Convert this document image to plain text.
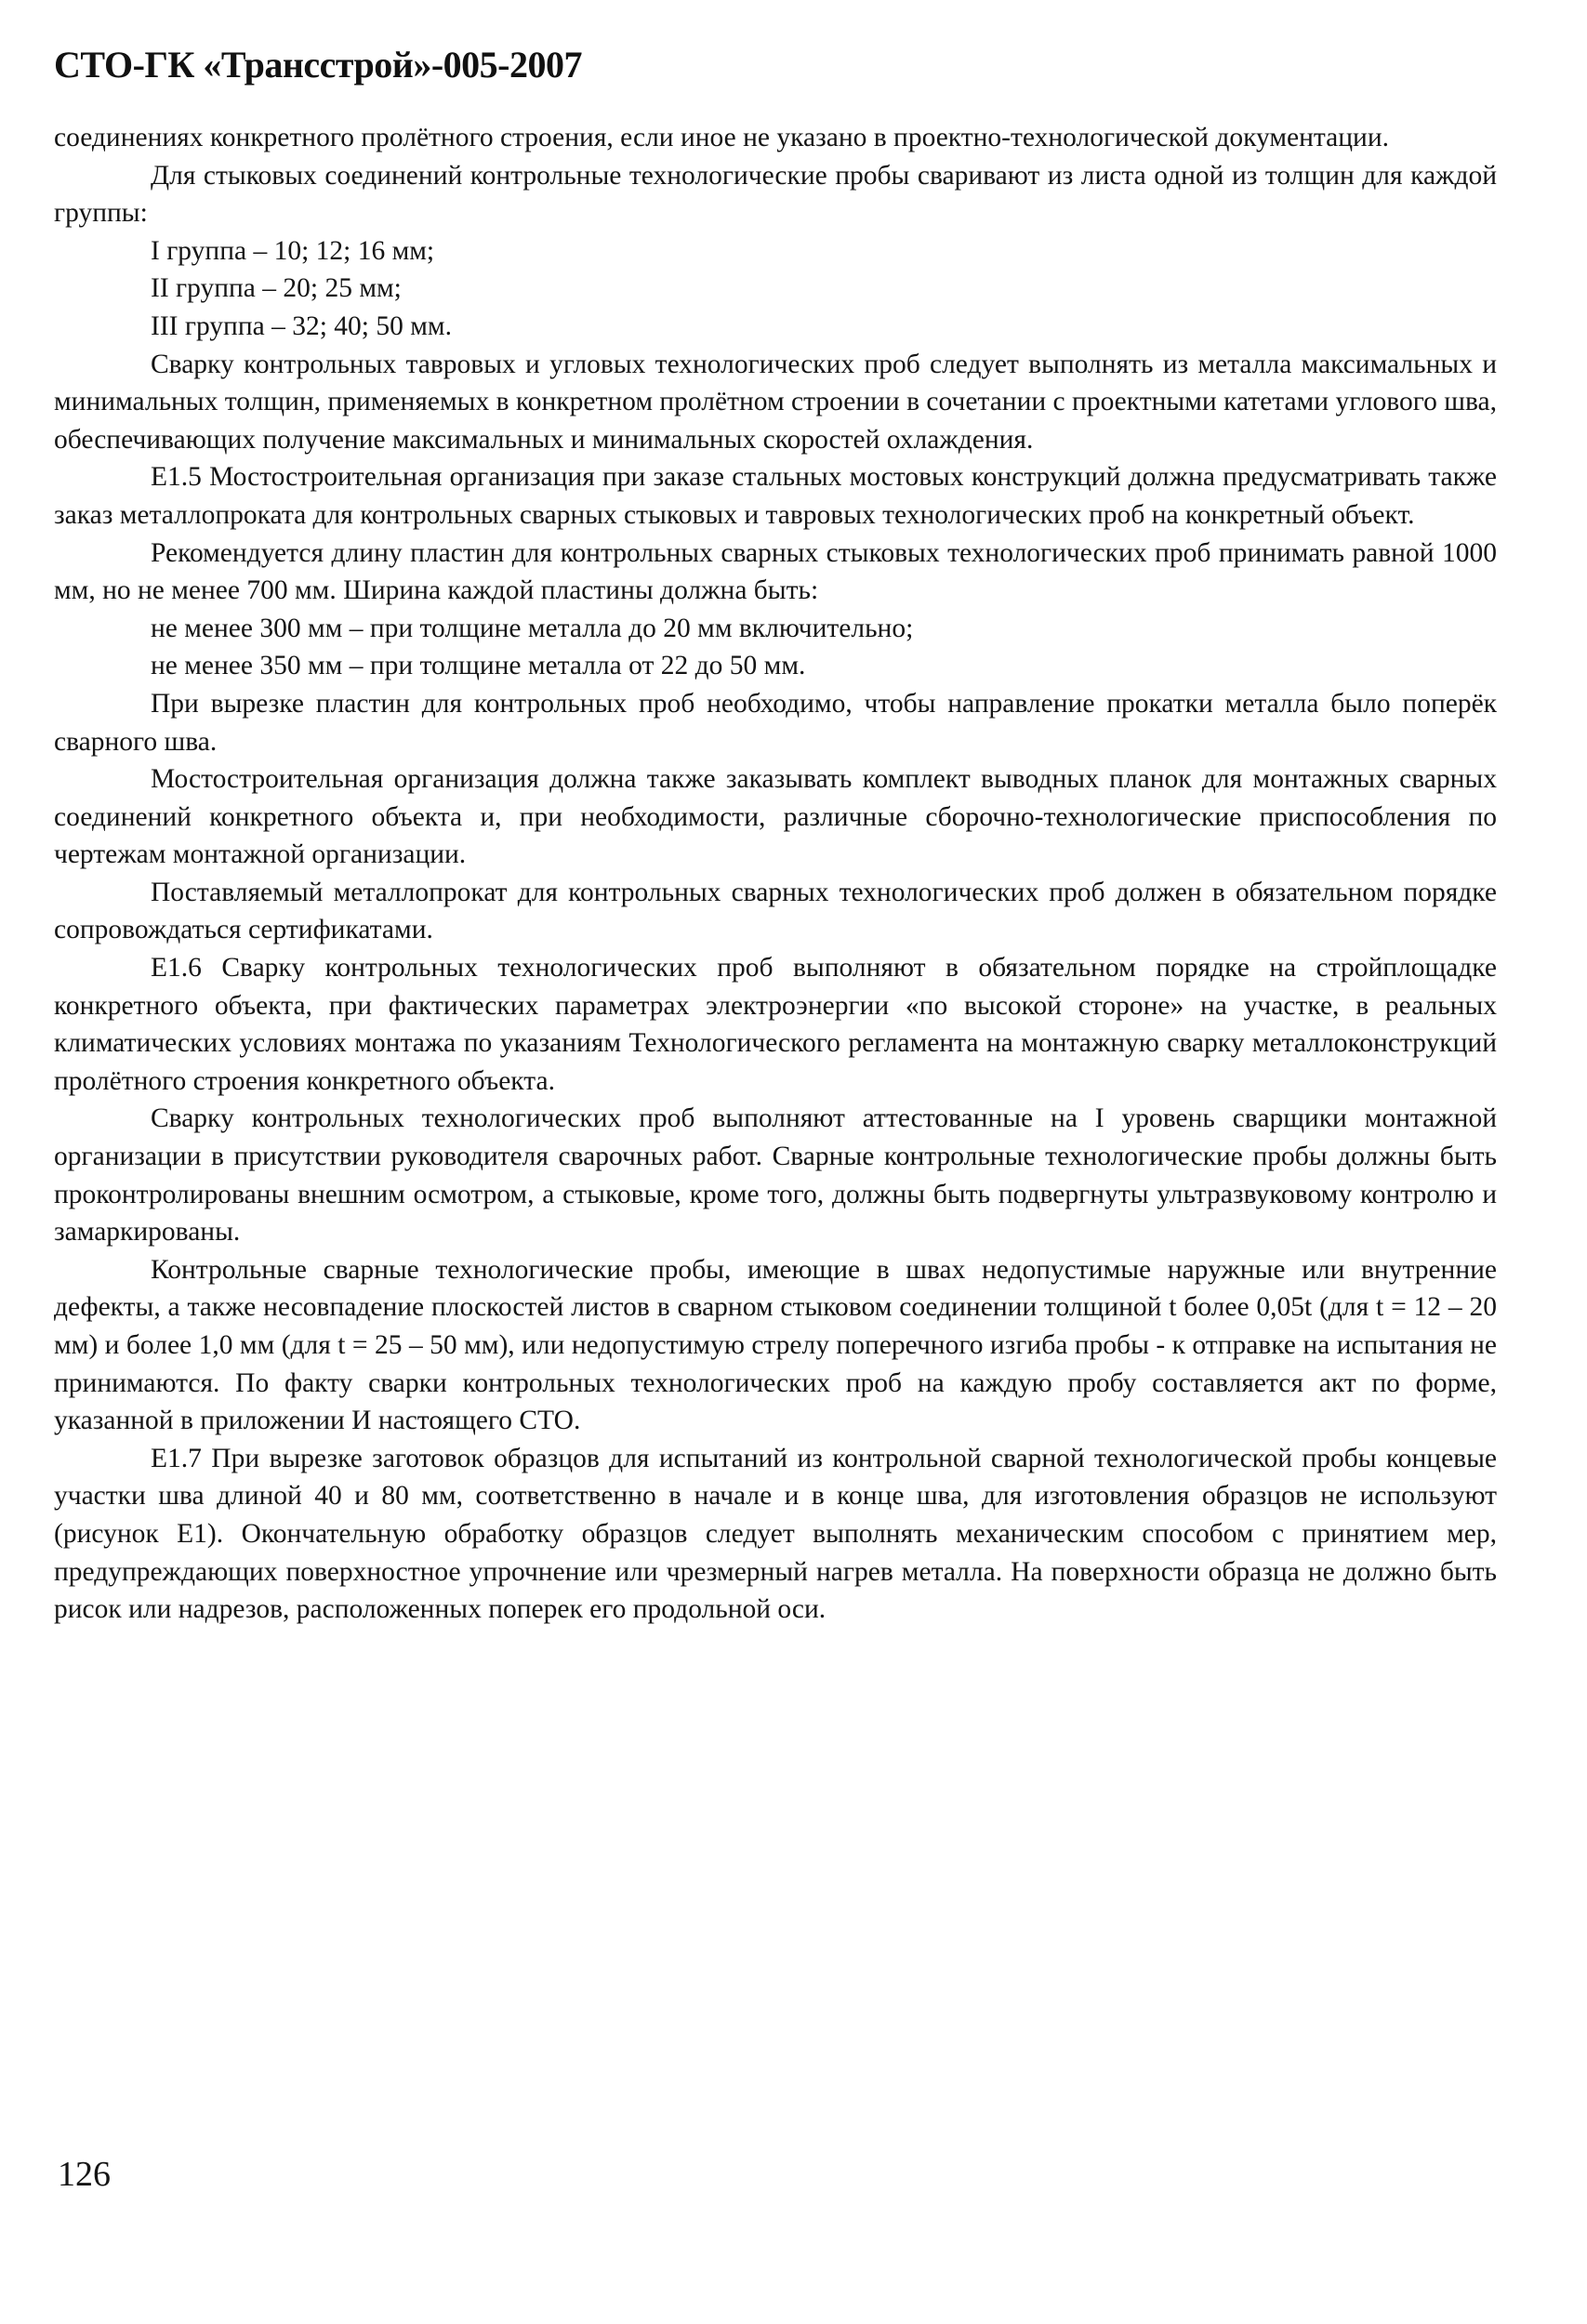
СТО-ГК «Трансстрой»-005-2007

соединениях конкретного пролётного строения, если иное не указано в проектно-технологической документации.

Для стыковых соединений контрольные технологические пробы сваривают из листа одной из толщин для каждой группы:

I группа – 10; 12; 16 мм;

II группа – 20; 25 мм;

III группа – 32; 40; 50 мм.

Сварку контрольных тавровых и угловых технологических проб следует выполнять из металла максимальных и минимальных толщин, применяемых в конкретном пролётном строении в сочетании с проектными катетами углового шва, обеспечивающих получение максимальных и минимальных скоростей охлаждения.

Е1.5 Мостостроительная организация при заказе стальных мостовых конструкций должна предусматривать также заказ металлопроката для контрольных сварных стыковых и тавровых технологических проб на конкретный объект.

Рекомендуется длину пластин для контрольных сварных стыковых технологических проб принимать равной 1000 мм, но не менее 700 мм. Ширина каждой пластины должна быть:

не менее 300 мм – при толщине металла до 20 мм включительно;

не менее 350 мм – при толщине металла от 22 до 50 мм.

При вырезке пластин для контрольных проб необходимо, чтобы направление прокатки металла было поперёк сварного шва.

Мостостроительная организация должна также заказывать комплект выводных планок для монтажных сварных соединений конкретного объекта и, при необходимости, различные сборочно-технологические приспособления по чертежам монтажной организации.

Поставляемый металлопрокат для контрольных сварных технологических проб должен в обязательном порядке сопровождаться сертификатами.

Е1.6 Сварку контрольных технологических проб выполняют в обязательном порядке на стройплощадке конкретного объекта, при фактических параметрах электроэнергии «по высокой стороне» на участке, в реальных климатических условиях монтажа по указаниям Технологического регламента на монтажную сварку металлоконструкций пролётного строения конкретного объекта.

Сварку контрольных технологических проб выполняют аттестованные на I уровень сварщики монтажной организации в присутствии руководителя сварочных работ. Сварные контрольные технологические пробы должны быть проконтролированы внешним осмотром, а стыковые, кроме того, должны быть подвергнуты ультразвуковому контролю и замаркированы.

Контрольные сварные технологические пробы, имеющие в швах недопустимые наружные или внутренние дефекты, а также несовпадение плоскостей листов в сварном стыковом соединении толщиной t более 0,05t (для t = 12 – 20 мм) и более 1,0 мм (для t = 25 – 50 мм), или недопустимую стрелу поперечного изгиба пробы - к отправке на испытания не принимаются. По факту сварки контрольных технологических проб на каждую пробу составляется акт по форме, указанной в приложении И настоящего СТО.

Е1.7 При вырезке заготовок образцов для испытаний из контрольной сварной технологической пробы концевые участки шва длиной 40 и 80 мм, соответственно в начале и в конце шва, для изготовления образцов не используют (рисунок Е1). Окончательную обработку образцов следует выполнять механическим способом с принятием мер, предупреждающих поверхностное упрочнение или чрезмерный нагрев металла. На поверхности образца не должно быть рисок или надрезов, расположенных поперек его продольной оси.

126
